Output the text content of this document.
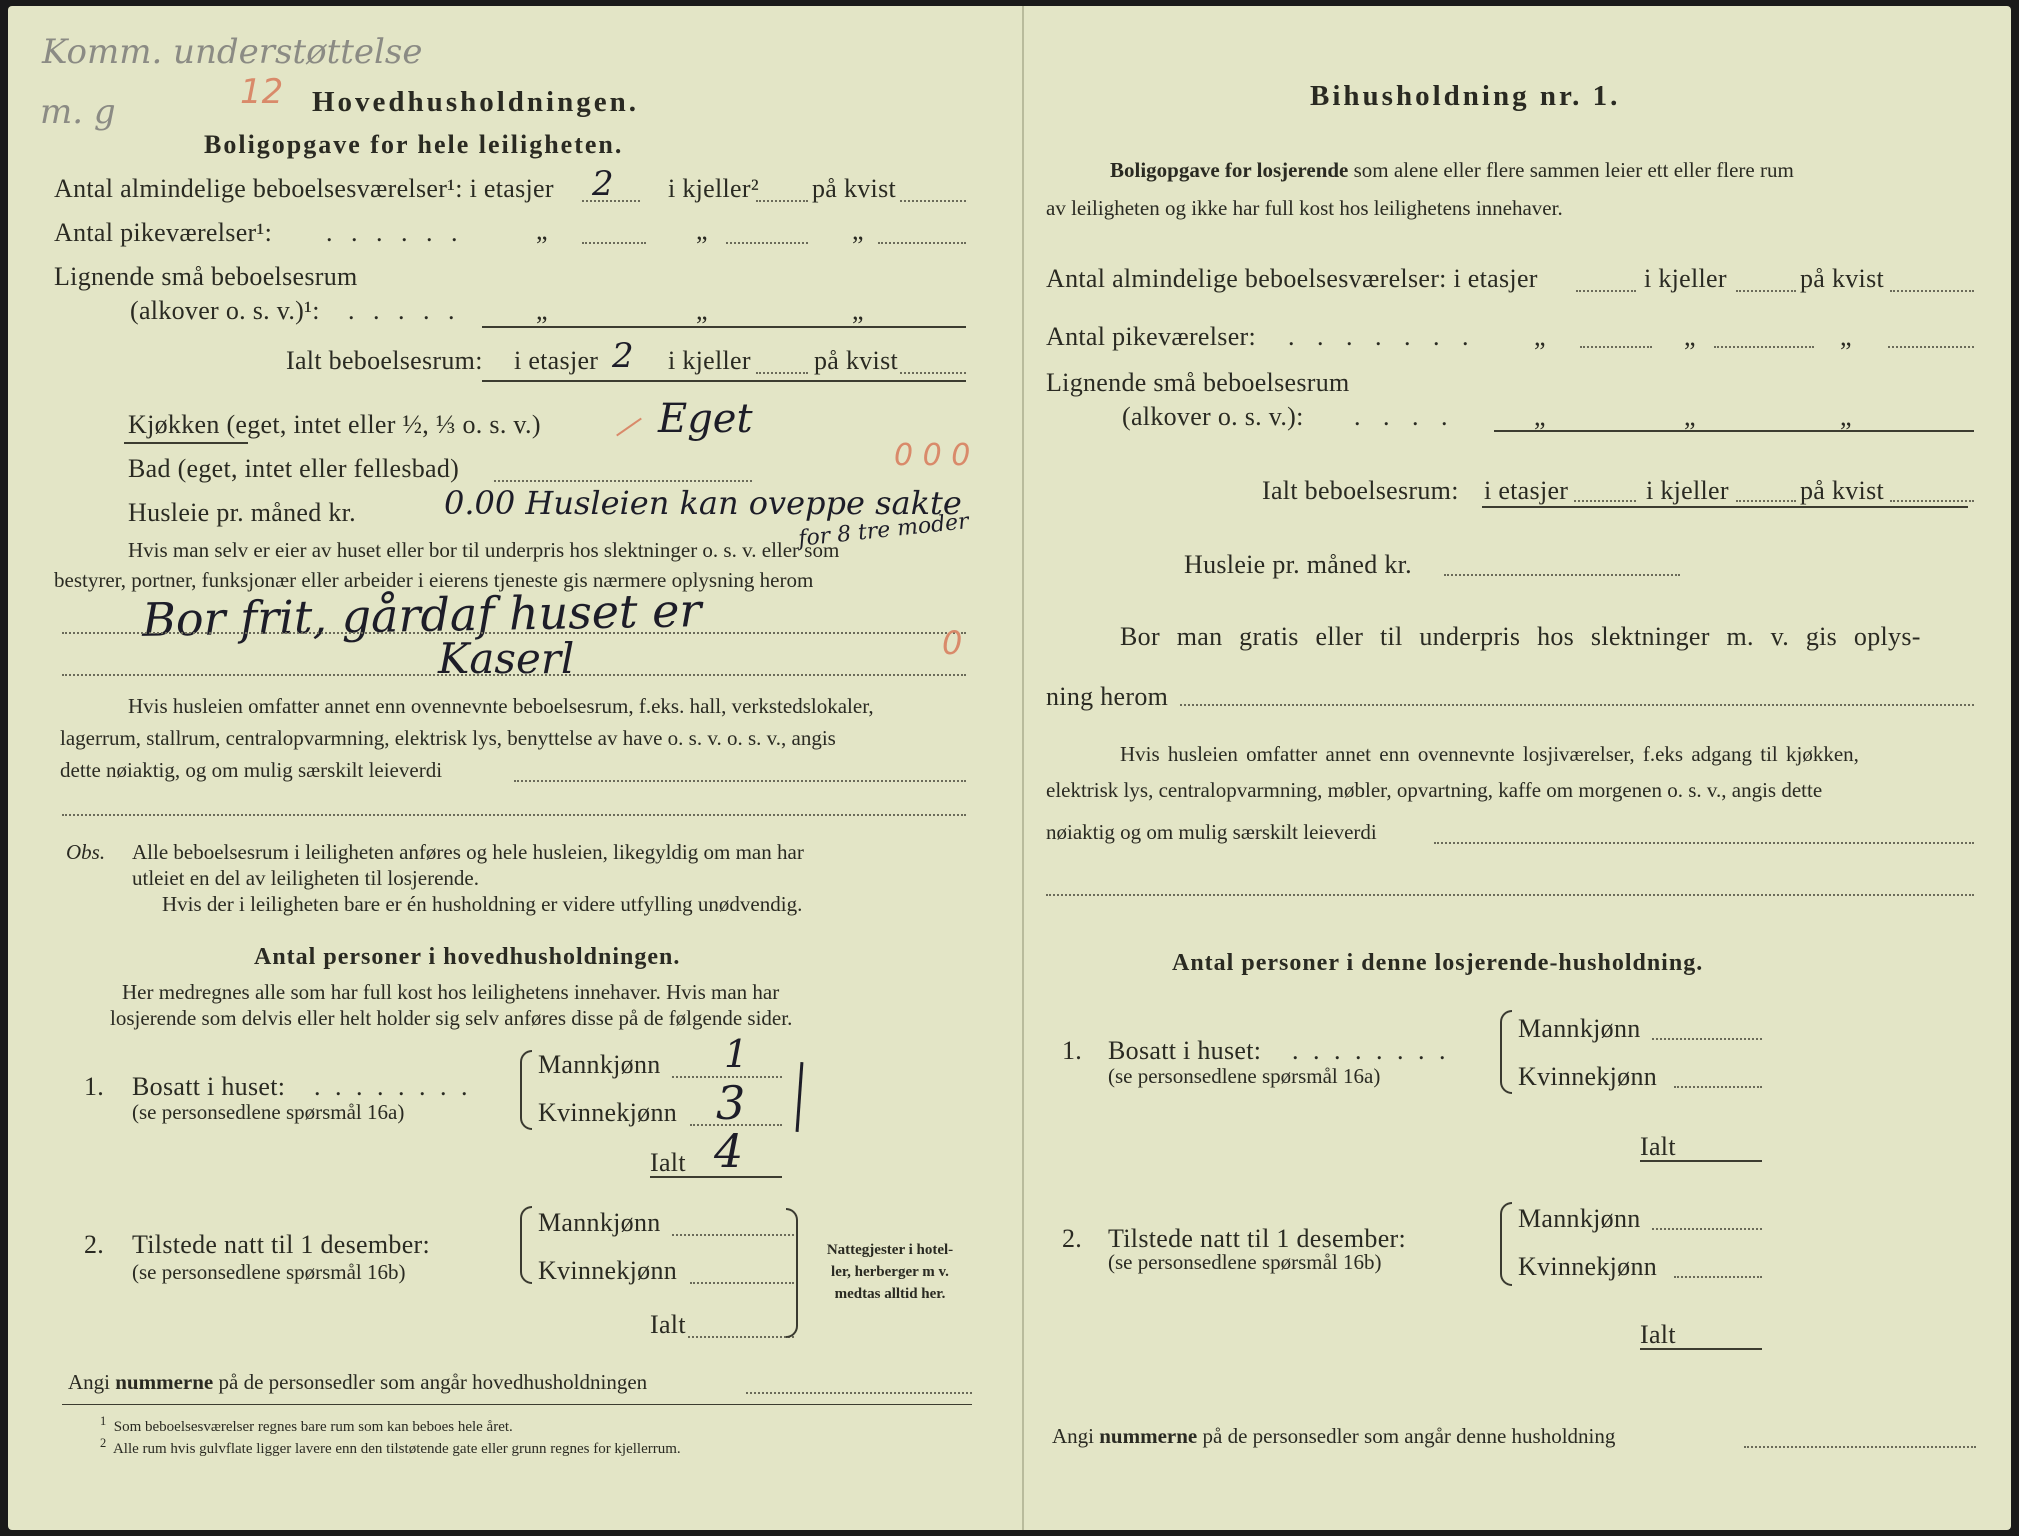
Komm. understøttelse
m. g	12 Hovedhusholdningen.
Boligopgave for hele leiligheten.
Antal almindelige beboelsesværelser¹: i etasjer 2 i kjeller² på kvist
Antal pikeværelser¹: . . . . . .	„	„	„
Lignende små beboelsesrum
(alkover o. s. v.)¹: . . . . .	„	„	„
Ialt beboelsesrum: i etasjer 2 i kjeller på kvist
Kjøkken (eget, intet eller ½, ⅓ o. s. v.)	Eget
Bad (eget, intet eller fellesbad)	0 0 0
Husleie pr. måned kr.	0.00 Husleien kan oveppe sakte
for 8 tre moder
Hvis man selv er eier av huset eller bor til underpris hos slektninger o. s. v. eller som
bestyrer, portner, funksjonær eller arbeider i eierens tjeneste gis nærmere oplysning herom
Bor frit, gårdaf huset er
Kaserl	0
Hvis husleien omfatter annet enn ovennevnte beboelsesrum, f.eks. hall, verkstedslokaler,
lagerrum, stallrum, centralopvarmning, elektrisk lys, benyttelse av have o. s. v. o. s. v., angis
dette nøiaktig, og om mulig særskilt leieverdi
Obs. Alle beboelsesrum i leiligheten anføres og hele husleien, likegyldig om man har
utleiet en del av leiligheten til losjerende.
Hvis der i leiligheten bare er én husholdning er videre utfylling unødvendig.
Antal personer i hovedhusholdningen.
Her medregnes alle som har full kost hos leilighetens innehaver. Hvis man har
losjerende som delvis eller helt holder sig selv anføres disse på de følgende sider.
1. Bosatt i huset: . . . . . . . .
(se personsedlene spørsmål 16a)
Mannkjønn 1
Kvinnekjønn 3
Ialt 4
2. Tilstede natt til 1 desember:
(se personsedlene spørsmål 16b)
Mannkjønn
Kvinnekjønn
Ialt
Nattegjester i hotel-
ler, herberger m v.
medtas alltid her.
Angi nummerne på de personsedler som angår hovedhusholdningen
$^1$ Som beboelsesværelser regnes bare rum som kan beboes hele året.
$^2$ Alle rum hvis gulvflate ligger lavere enn den tilstøtende gate eller grunn regnes for kjellerrum.
Bihusholdning nr. 1.
Boligopgave for losjerende som alene eller flere sammen leier ett eller flere rum
av leiligheten og ikke har full kost hos leilighetens innehaver.
Antal almindelige beboelsesværelser: i etasjer	i kjeller	på kvist
Antal pikeværelser: . . . . . . . „	„	„
Lignende små beboelsesrum
(alkover o. s. v.): . . . .	„	„	„
Ialt beboelsesrum: i etasjer	i kjeller	på kvist
Husleie pr. måned kr.
Bor man gratis eller til underpris hos slektninger m. v. gis oplys-
ning herom
Hvis husleien omfatter annet enn ovennevnte losjiværelser, f.eks adgang til kjøkken,
elektrisk lys, centralopvarmning, møbler, opvartning, kaffe om morgenen o. s. v., angis dette
nøiaktig og om mulig særskilt leieverdi
Antal personer i denne losjerende-husholdning.
1. Bosatt i huset: . . . . . . . .
(se personsedlene spørsmål 16a)
Mannkjønn
Kvinnekjønn
Ialt
2. Tilstede natt til 1 desember:
(se personsedlene spørsmål 16b)
Mannkjønn
Kvinnekjønn
Ialt
Angi nummerne på de personsedler som angår denne husholdning
